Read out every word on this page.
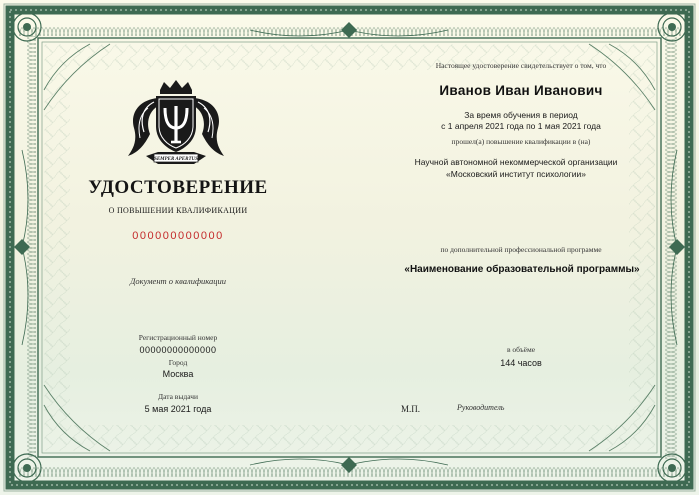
SEMPER APERTUS
УДОСТОВЕРЕНИЕ
О ПОВЫШЕНИИ КВАЛИФИКАЦИИ
000000000000
Документ о квалификации
Регистрационный номер
00000000000000
Город
Москва
Дата выдачи
5 мая 2021 года
Настоящее удостоверение свидетельствует о том, что
Иванов Иван Иванович
За время обучения в период
с 1 апреля 2021 года по 1 мая 2021 года
прошел(а) повышение квалификации в (на)
Научной автономной некоммерческой организации
«Московский институт психологии»
по дополнительной профессиональной программе
«Наименование образовательной программы»
в объёме
144 часов
М.П.	Руководитель
